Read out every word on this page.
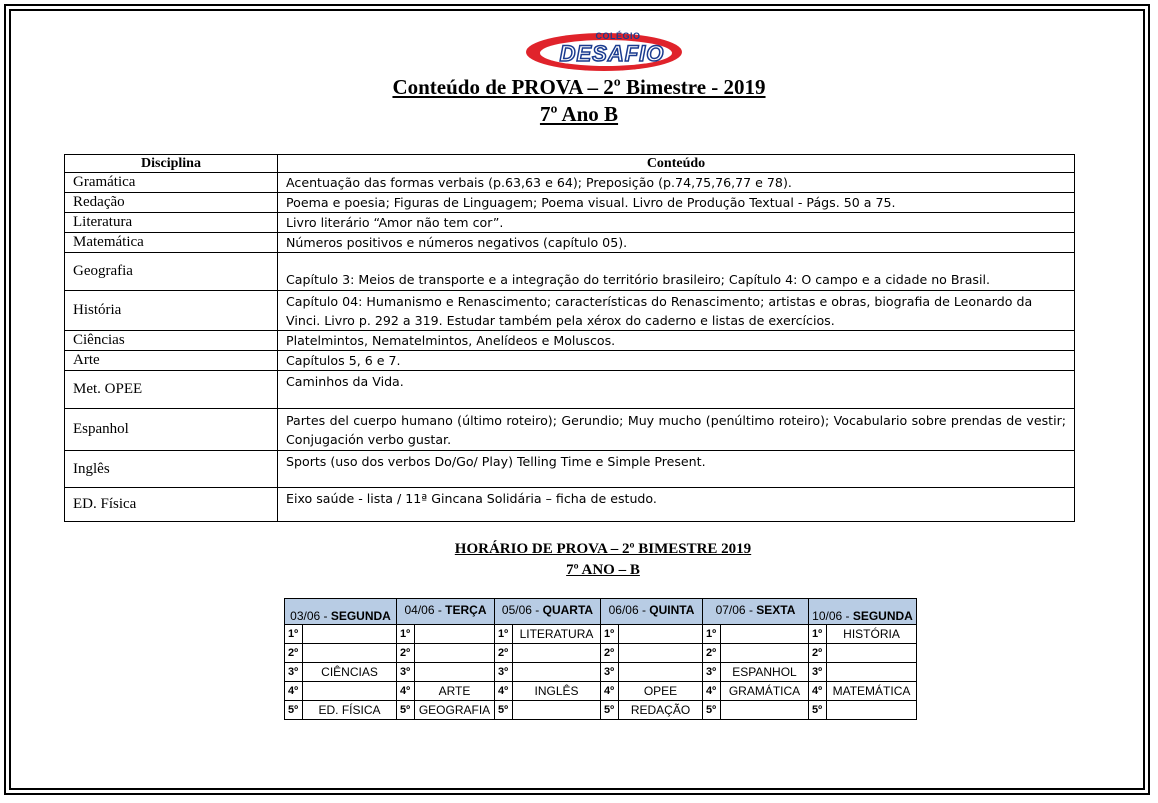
COLÉGIO
DESAFIO
Conteúdo de PROVA – 2º Bimestre - 2019
7º Ano B
Disciplina	Conteúdo
Gramática	Acentuação das formas verbais (p.63,63 e 64); Preposição (p.74,75,76,77 e 78).
Redação	Poema e poesia; Figuras de Linguagem; Poema visual. Livro de Produção Textual - Págs. 50 a 75.
Literatura	Livro literário “Amor não tem cor”.
Matemática	Números positivos e números negativos (capítulo 05).
Geografia	Capítulo 3: Meios de transporte e a integração do território brasileiro; Capítulo 4: O campo e a cidade no Brasil.
História	Capítulo 04: Humanismo e Renascimento; características do Renascimento; artistas e obras, biografia de Leonardo da Vinci. Livro p. 292 a 319. Estudar também pela xérox do caderno e listas de exercícios.
Ciências	Platelmintos, Nematelmintos, Anelídeos e Moluscos.
Arte	Capítulos 5, 6 e 7.
Met. OPEE	Caminhos da Vida.
Espanhol	Partes del cuerpo humano (último roteiro); Gerundio; Muy mucho (penúltimo roteiro); Vocabulario sobre prendas de vestir; Conjugación verbo gustar.
Inglês	Sports (uso dos verbos Do/Go/ Play) Telling Time e Simple Present.
ED. Física	Eixo saúde - lista / 11ª Gincana Solidária – ficha de estudo.
HORÁRIO DE PROVA – 2º BIMESTRE 2019
7º ANO – B
03/06 - SEGUNDA		04/06 - TERÇA		05/06 - QUARTA		06/06 - QUINTA		07/06 - SEXTA		10/06 - SEGUNDA	
1º		1º		1º	LITERATURA	1º		1º		1º	HISTÓRIA
2º		2º		2º		2º		2º		2º	
3º	CIÊNCIAS	3º		3º		3º		3º	ESPANHOL	3º	
4º		4º	ARTE	4º	INGLÊS	4º	OPEE	4º	GRAMÁTICA	4º	MATEMÁTICA
5º	ED. FÍSICA	5º	GEOGRAFIA	5º		5º	REDAÇÃO	5º		5º	
